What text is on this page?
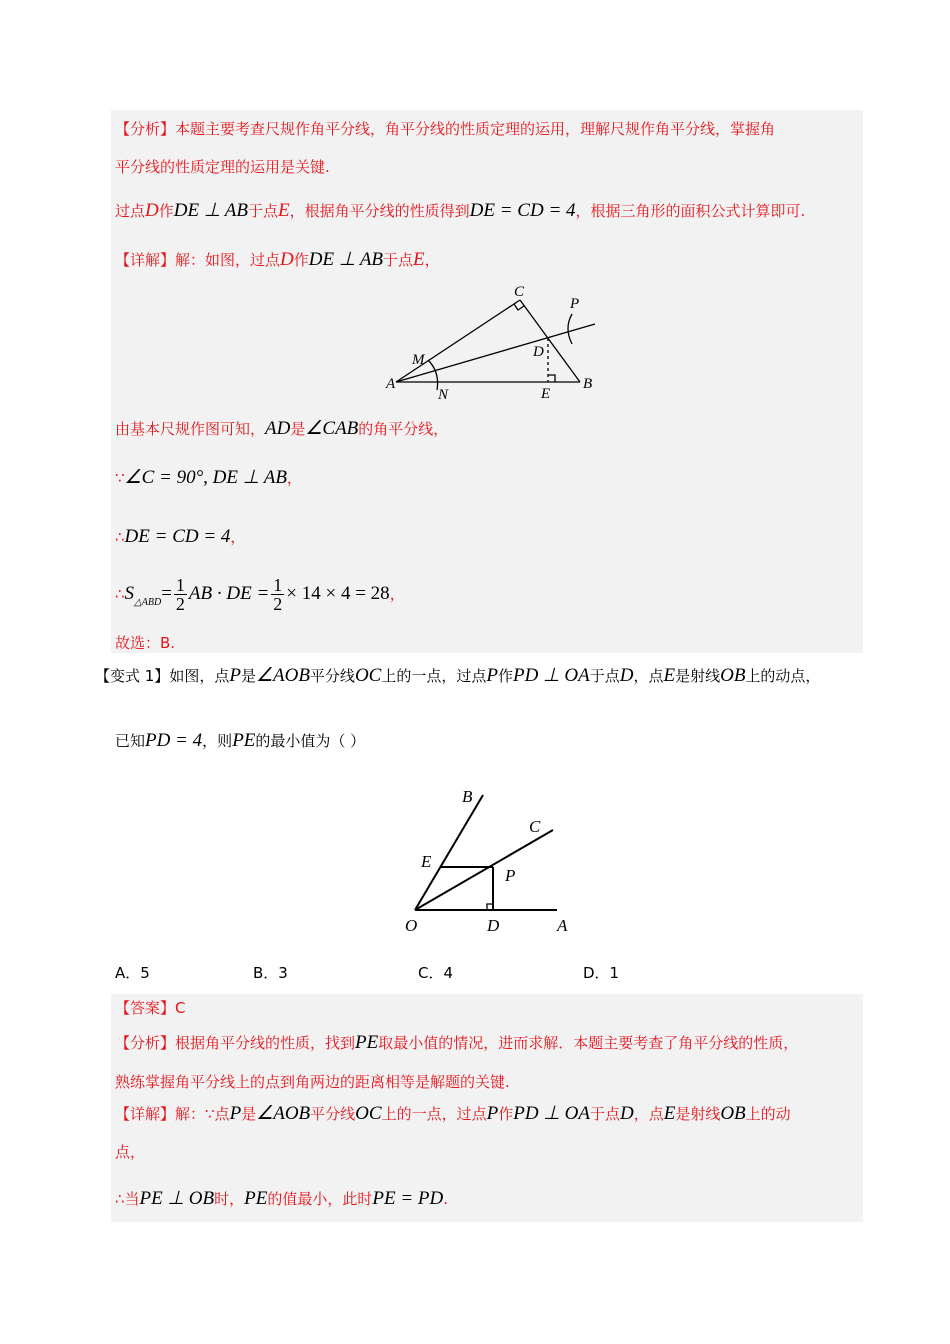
【分析】本题主要考查尺规作角平分线，角平分线的性质定理的运用，理解尺规作角平分线，掌握角
平分线的性质定理的运用是关键.
过点D作DE ⊥ AB于点E，根据角平分线的性质得到DE = CD = 4，根据三角形的面积公式计算即可.
【详解】解：如图，过点D作DE ⊥ AB于点E，
A	B
C
D
E
M
N
P
由基本尺规作图可知，AD是∠CAB的角平分线，
∵∠C = 90°, DE ⊥ AB，
∴DE = CD = 4，
$\therefore S_{\triangle ABD}= \frac{1}{2}$ AB · DE = $\frac{1}{2} \times 14 \times 4 = 28$，
故选：B.
【变式 1】如图，点P是∠AOB平分线OC上的一点，过点P作PD ⊥ OA于点D，点E是射线OB上的动点，
已知PD = 4，则PE的最小值为（ ）
B
C
E
P
O	D	A
A．5	B．3	C．4	D．1
【答案】C
【分析】根据角平分线的性质，找到PE取最小值的情况，进而求解．本题主要考查了角平分线的性质，
熟练掌握角平分线上的点到角两边的距离相等是解题的关键.
【详解】解：∵点P是∠AOB平分线OC上的一点，过点P作PD ⊥ OA于点D，点E是射线OB上的动
点，
∴当PE ⊥ OB时，PE的值最小，此时PE = PD.
